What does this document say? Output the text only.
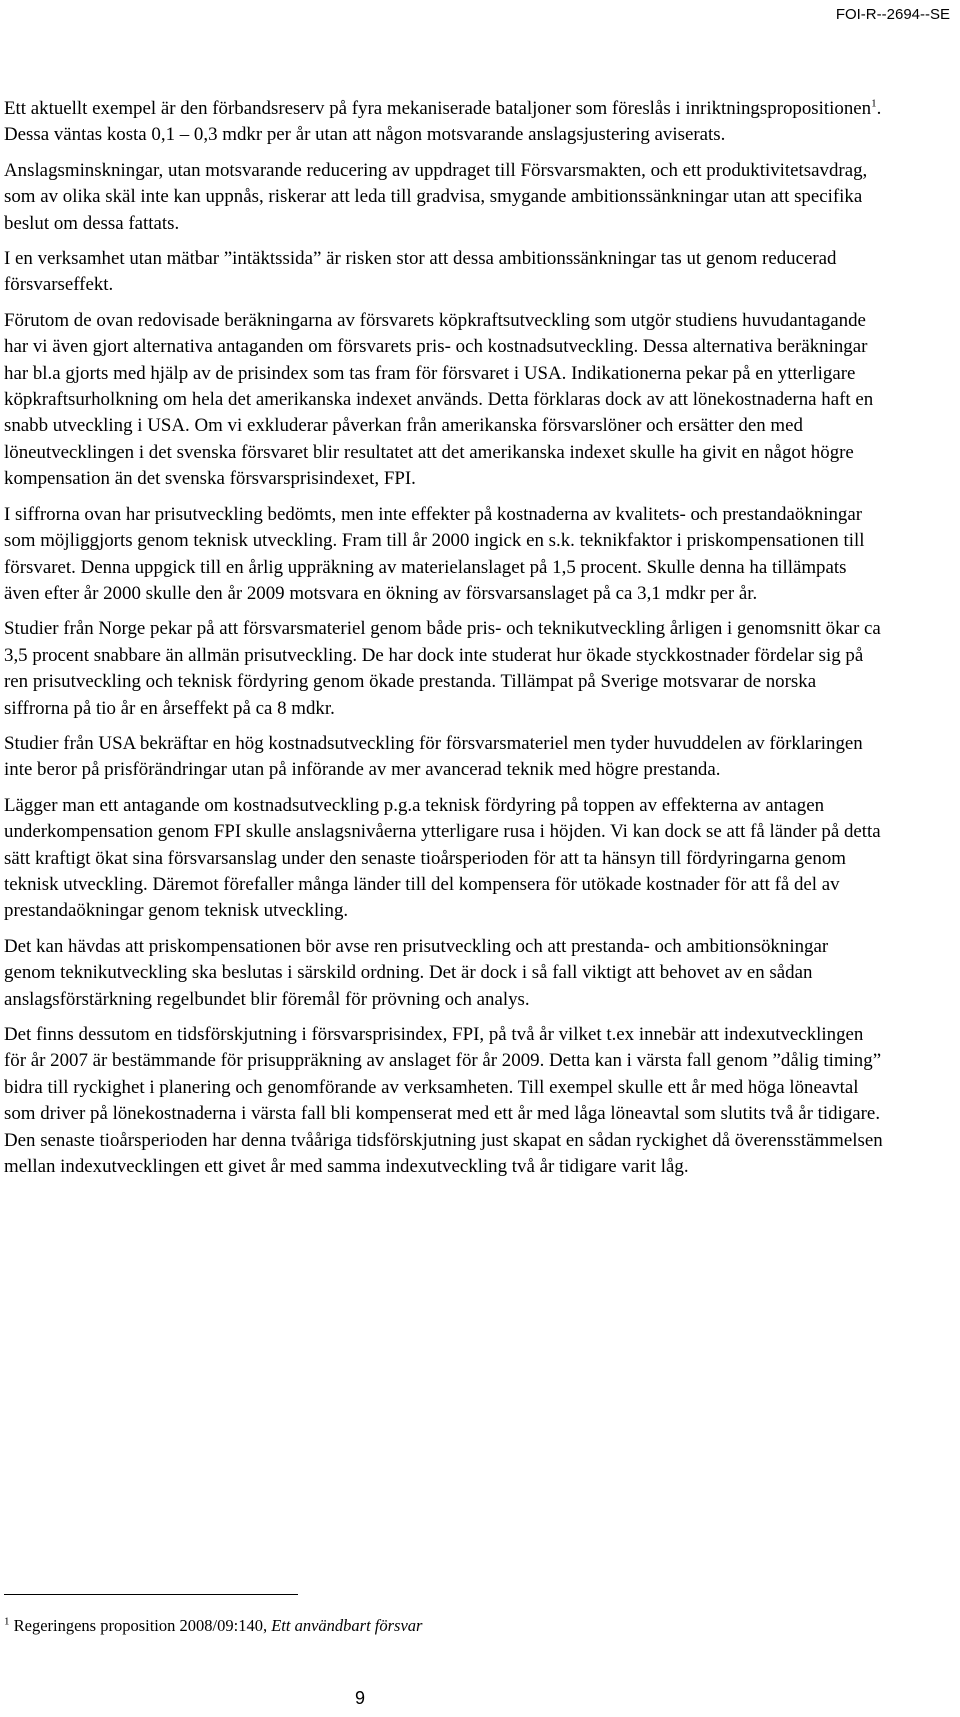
FOI-R--2694--SE

Ett aktuellt exempel är den förbandsreserv på fyra mekaniserade bataljoner som föreslås i inriktningspropositionen$^1$. Dessa väntas kosta 0,1 – 0,3 mdkr per år utan att någon motsvarande anslagsjustering aviserats.

Anslagsminskningar, utan motsvarande reducering av uppdraget till Försvarsmakten, och ett produktivitetsavdrag, som av olika skäl inte kan uppnås, riskerar att leda till gradvisa, smygande ambitionssänkningar utan att specifika beslut om dessa fattats.

I en verksamhet utan mätbar ”intäktssida” är risken stor att dessa ambitionssänkningar tas ut genom reducerad försvarseffekt.

Förutom de ovan redovisade beräkningarna av försvarets köpkraftsutveckling som utgör studiens huvudantagande har vi även gjort alternativa antaganden om försvarets pris- och kostnadsutveckling. Dessa alternativa beräkningar har bl.a gjorts med hjälp av de prisindex som tas fram för försvaret i USA. Indikationerna pekar på en ytterligare köpkraftsurholkning om hela det amerikanska indexet används. Detta förklaras dock av att lönekostnaderna haft en snabb utveckling i USA. Om vi exkluderar påverkan från amerikanska försvarslöner och ersätter den med löneutvecklingen i det svenska försvaret blir resultatet att det amerikanska indexet skulle ha givit en något högre kompensation än det svenska försvarsprisindexet, FPI.

I siffrorna ovan har prisutveckling bedömts, men inte effekter på kostnaderna av kvalitets- och prestandaökningar som möjliggjorts genom teknisk utveckling. Fram till år 2000 ingick en s.k. teknikfaktor i priskompensationen till försvaret. Denna uppgick till en årlig uppräkning av materielanslaget på 1,5 procent. Skulle denna ha tillämpats även efter år 2000 skulle den år 2009 motsvara en ökning av försvarsanslaget på ca 3,1 mdkr per år.

Studier från Norge pekar på att försvarsmateriel genom både pris- och teknikutveckling årligen i genomsnitt ökar ca 3,5 procent snabbare än allmän prisutveckling. De har dock inte studerat hur ökade styckkostnader fördelar sig på ren prisutveckling och teknisk fördyring genom ökade prestanda. Tillämpat på Sverige motsvarar de norska siffrorna på tio år en årseffekt på ca 8 mdkr.

Studier från USA bekräftar en hög kostnadsutveckling för försvarsmateriel men tyder huvuddelen av förklaringen inte beror på prisförändringar utan på införande av mer avancerad teknik med högre prestanda.

Lägger man ett antagande om kostnadsutveckling p.g.a teknisk fördyring på toppen av effekterna av antagen underkompensation genom FPI skulle anslagsnivåerna ytterligare rusa i höjden. Vi kan dock se att få länder på detta sätt kraftigt ökat sina försvarsanslag under den senaste tioårsperioden för att ta hänsyn till fördyringarna genom teknisk utveckling. Däremot förefaller många länder till del kompensera för utökade kostnader för att få del av prestandaökningar genom teknisk utveckling.

Det kan hävdas att priskompensationen bör avse ren prisutveckling och att prestanda- och ambitionsökningar genom teknikutveckling ska beslutas i särskild ordning. Det är dock i så fall viktigt att behovet av en sådan anslagsförstärkning regelbundet blir föremål för prövning och analys.

Det finns dessutom en tidsförskjutning i försvarsprisindex, FPI, på två år vilket t.ex innebär att indexutvecklingen för år 2007 är bestämmande för prisuppräkning av anslaget för år 2009. Detta kan i värsta fall genom ”dålig timing” bidra till ryckighet i planering och genomförande av verksamheten. Till exempel skulle ett år med höga löneavtal som driver på lönekostnaderna i värsta fall bli kompenserat med ett år med låga löneavtal som slutits två år tidigare. Den senaste tioårsperioden har denna tvååriga tidsförskjutning just skapat en sådan ryckighet då överensstämmelsen mellan indexutvecklingen ett givet år med samma indexutveckling två år tidigare varit låg.

$^1$ Regeringens proposition 2008/09:140, Ett användbart försvar
9
